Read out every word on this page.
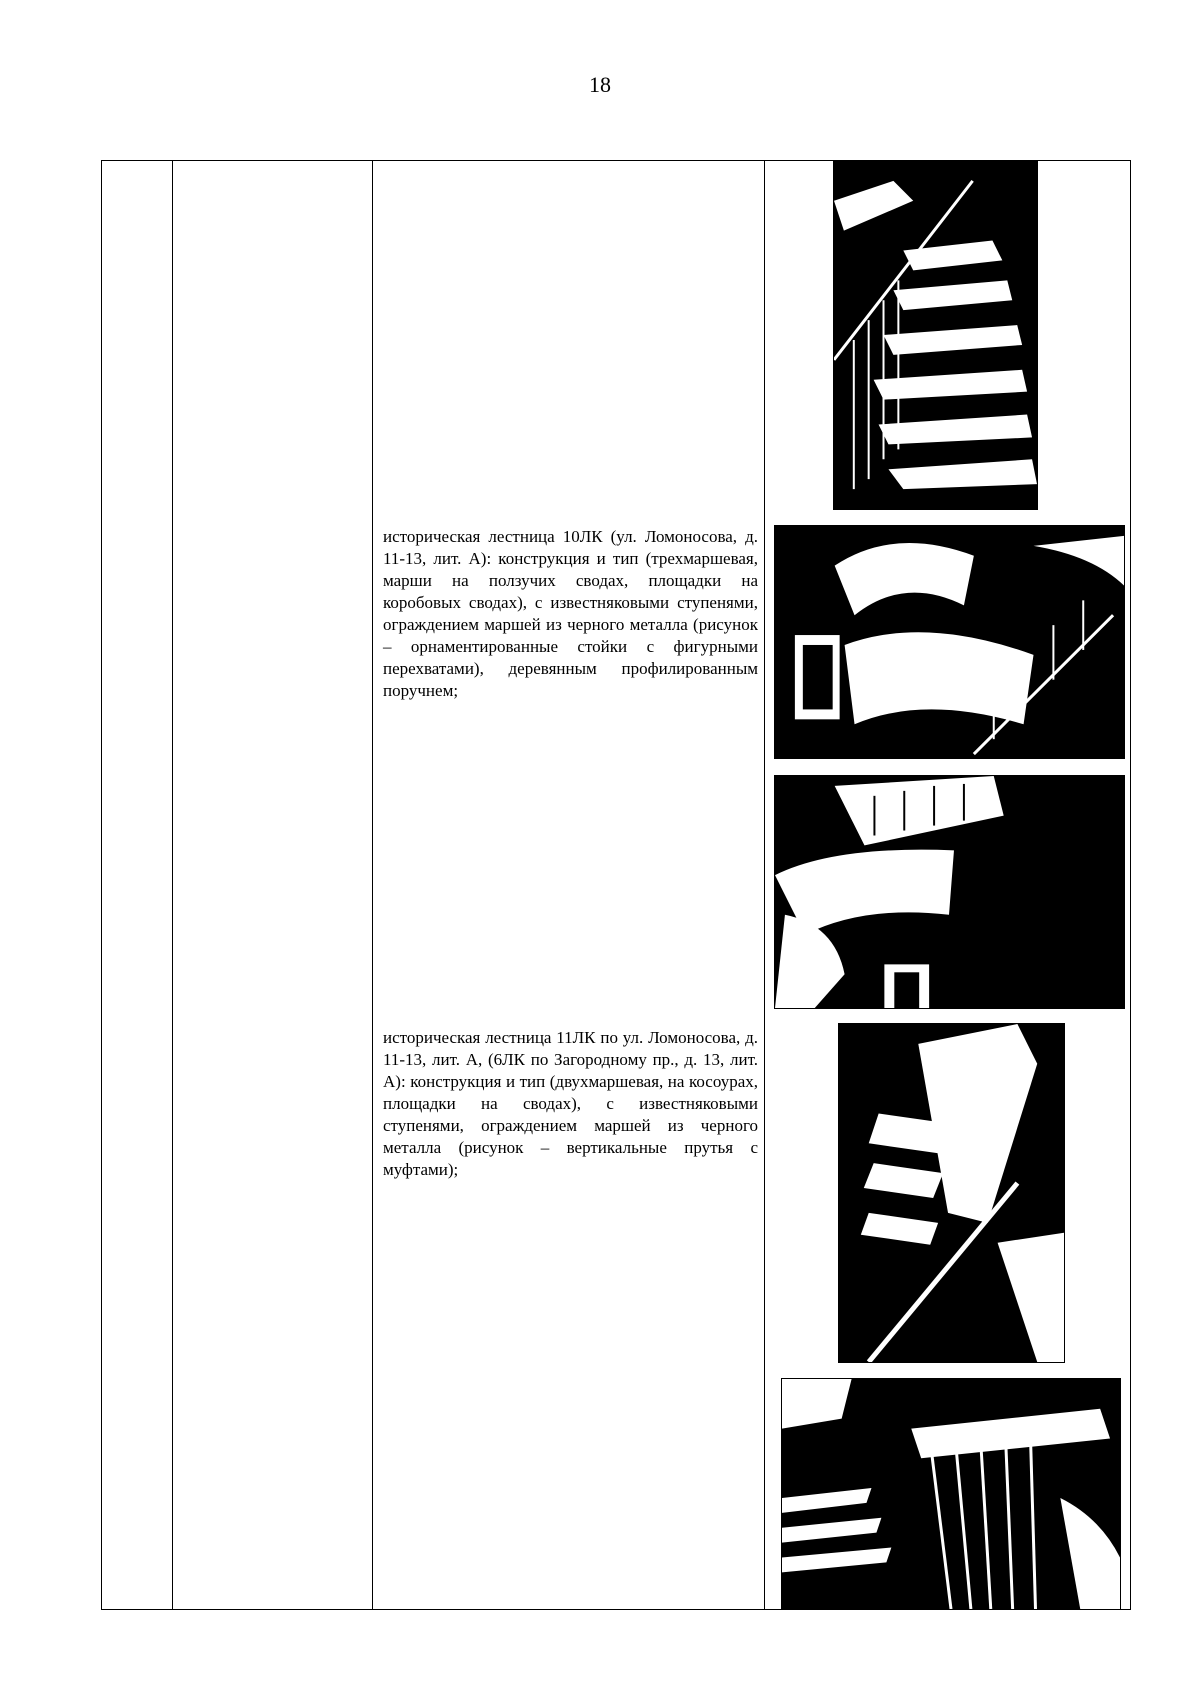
18
историческая лестница 10ЛК (ул. Ломоносова, д. 11-13, лит. А): конструкция и тип (трехмаршевая, марши на ползучих сводах, площадки на коробовых сводах), с известняковыми ступенями, ограждением маршей из черного металла (рисунок – орнаментированные стойки с фигурными перехватами), деревянным профилированным поручнем;
историческая лестница 11ЛК по ул. Ломоносова, д. 11-13, лит. А, (6ЛК по Загородному пр., д. 13, лит. А): конструкция и тип (двухмаршевая, на косоурах, площадки на сводах), с известняковыми ступенями, ограждением маршей из черного металла (рисунок – вертикальные прутья с муфтами);
